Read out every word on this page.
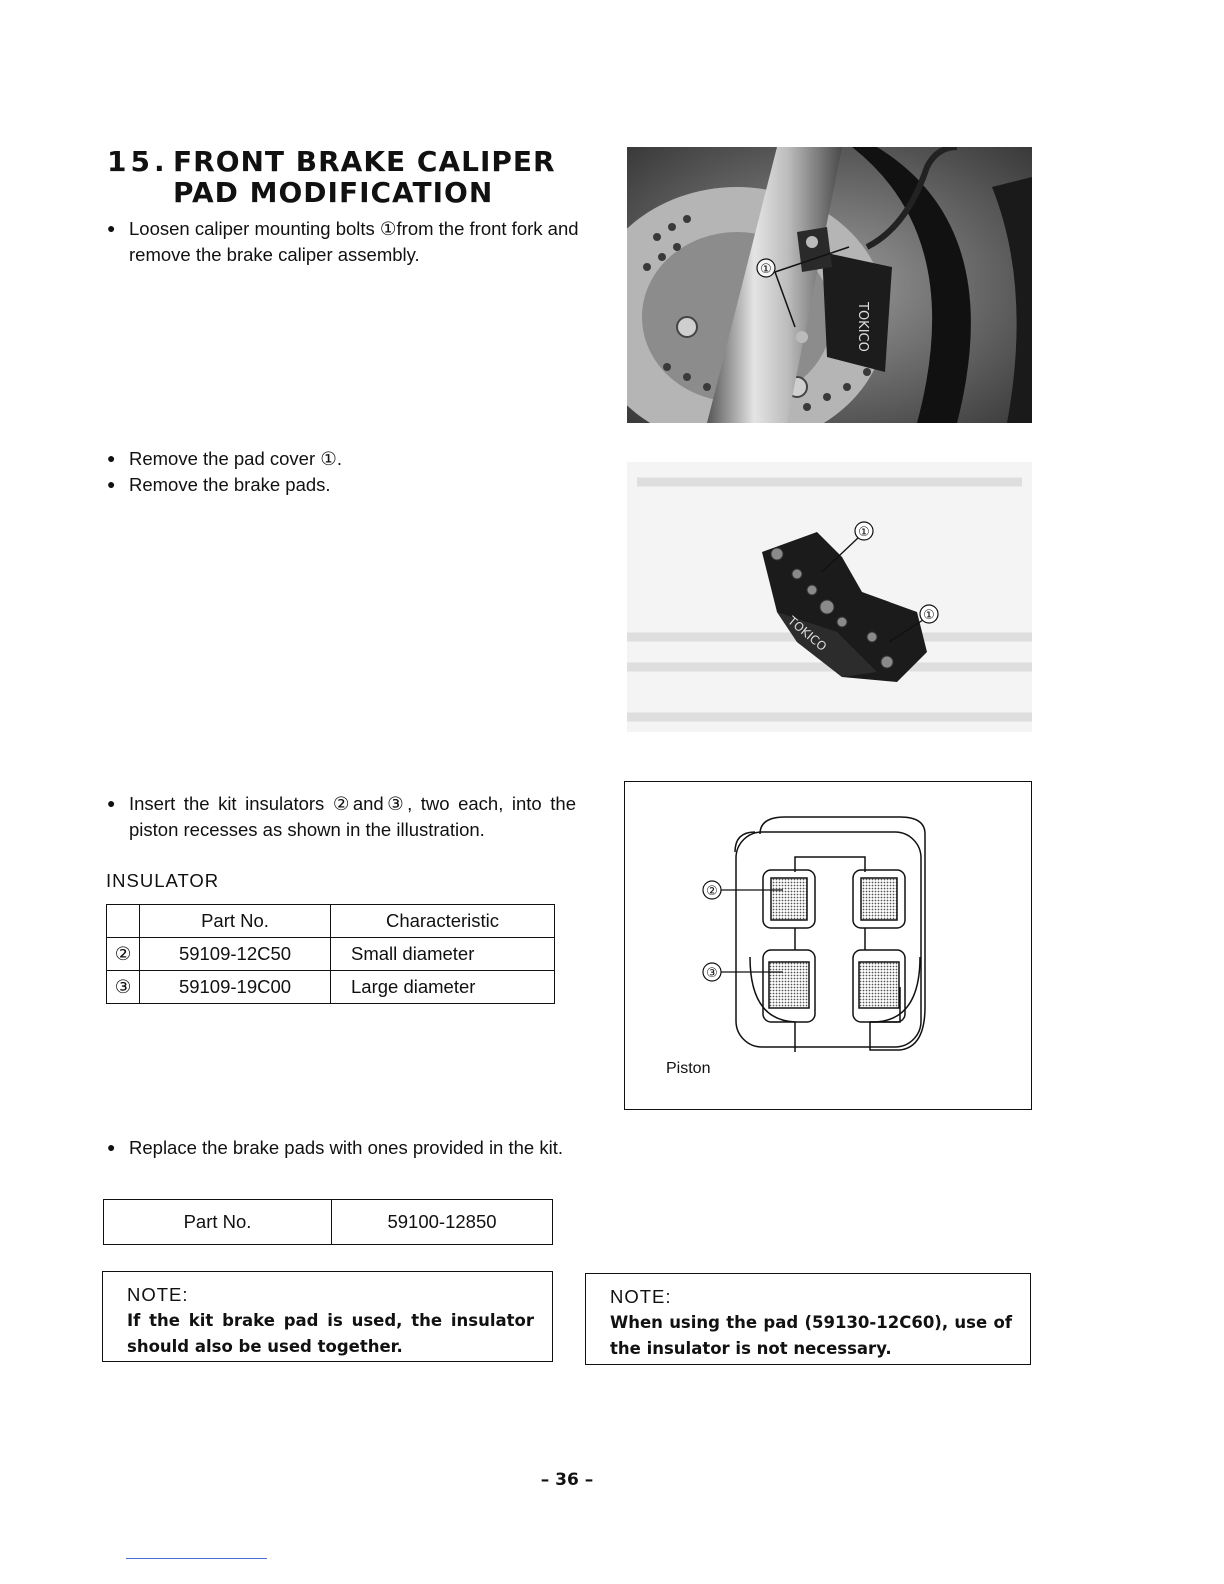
15. FRONT BRAKE CALIPER
PAD MODIFICATION
● Loosen caliper mounting bolts ①from the front fork and remove the brake caliper assembly.
TOKICO
①
● Remove the pad cover ①.
● Remove the brake pads.
TOKICO
①
①
● Insert the kit insulators ②and③, two each, into the piston recesses as shown in the illustration.
INSULATOR
	Part No.	Characteristic
②	59109-12C50	Small diameter
③	59109-19C00	Large diameter
②
③
Piston
● Replace the brake pads with ones provided in the kit.
Part No.	59100-12850
NOTE:
If the kit brake pad is used, the insulator should also be used together.
NOTE:
When using the pad (59130-12C60), use of the insulator is not necessary.
– 36 –
